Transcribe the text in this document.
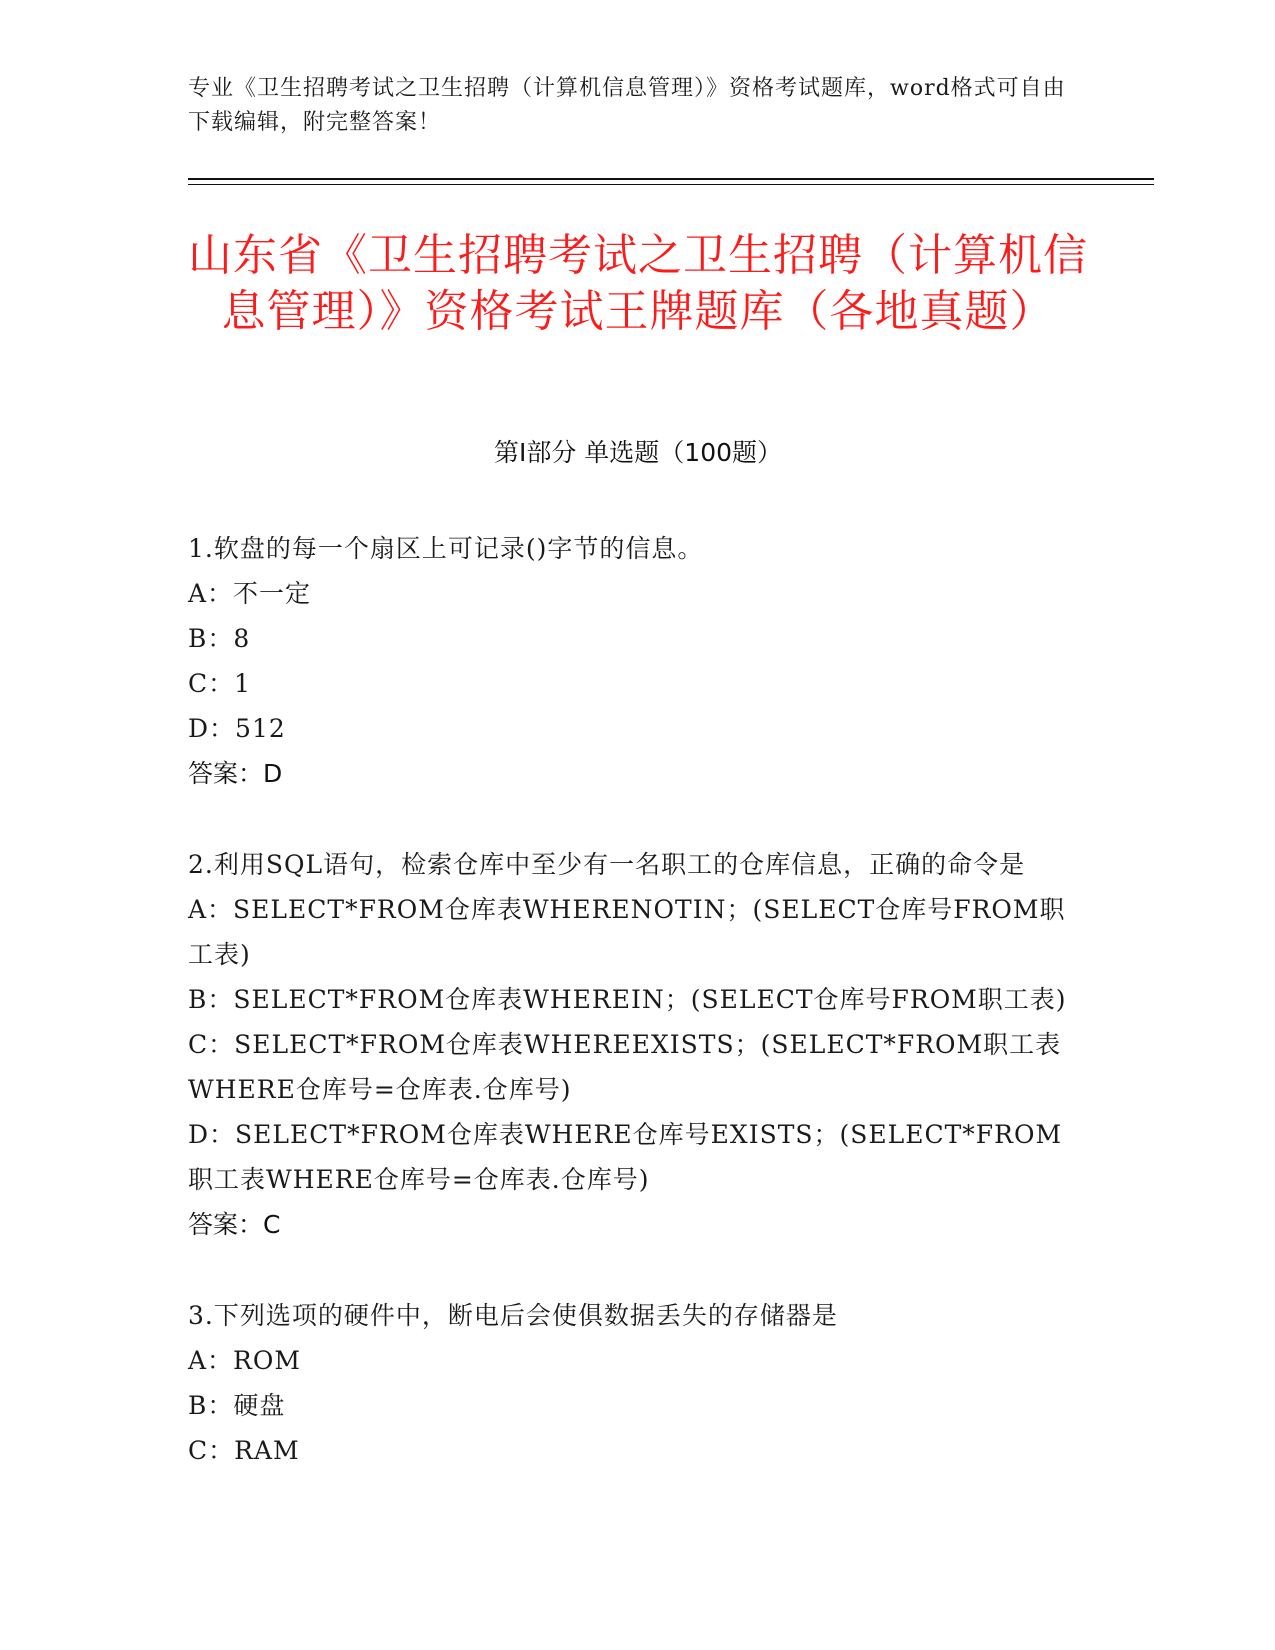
专业《卫生招聘考试之卫生招聘（计算机信息管理）》资格考试题库，word格式可自由下载编辑，附完整答案！
山东省《卫生招聘考试之卫生招聘（计算机信息管理）》资格考试王牌题库（各地真题）
第I部分 单选题（100题）
1.软盘的每一个扇区上可记录()字节的信息。
A：不一定
B：8
C：1
D：512
答案：D
2.利用SQL语句，检索仓库中至少有一名职工的仓库信息，正确的命令是
A：SELECT*FROM仓库表WHERENOTIN；(SELECT仓库号FROM职工表)
B：SELECT*FROM仓库表WHEREIN；(SELECT仓库号FROM职工表)
C：SELECT*FROM仓库表WHEREEXISTS；(SELECT*FROM职工表WHERE仓库号=仓库表.仓库号)
D：SELECT*FROM仓库表WHERE仓库号EXISTS；(SELECT*FROM职工表WHERE仓库号=仓库表.仓库号)
答案：C
3.下列选项的硬件中，断电后会使俱数据丢失的存储器是
A：ROM
B：硬盘
C：RAM
